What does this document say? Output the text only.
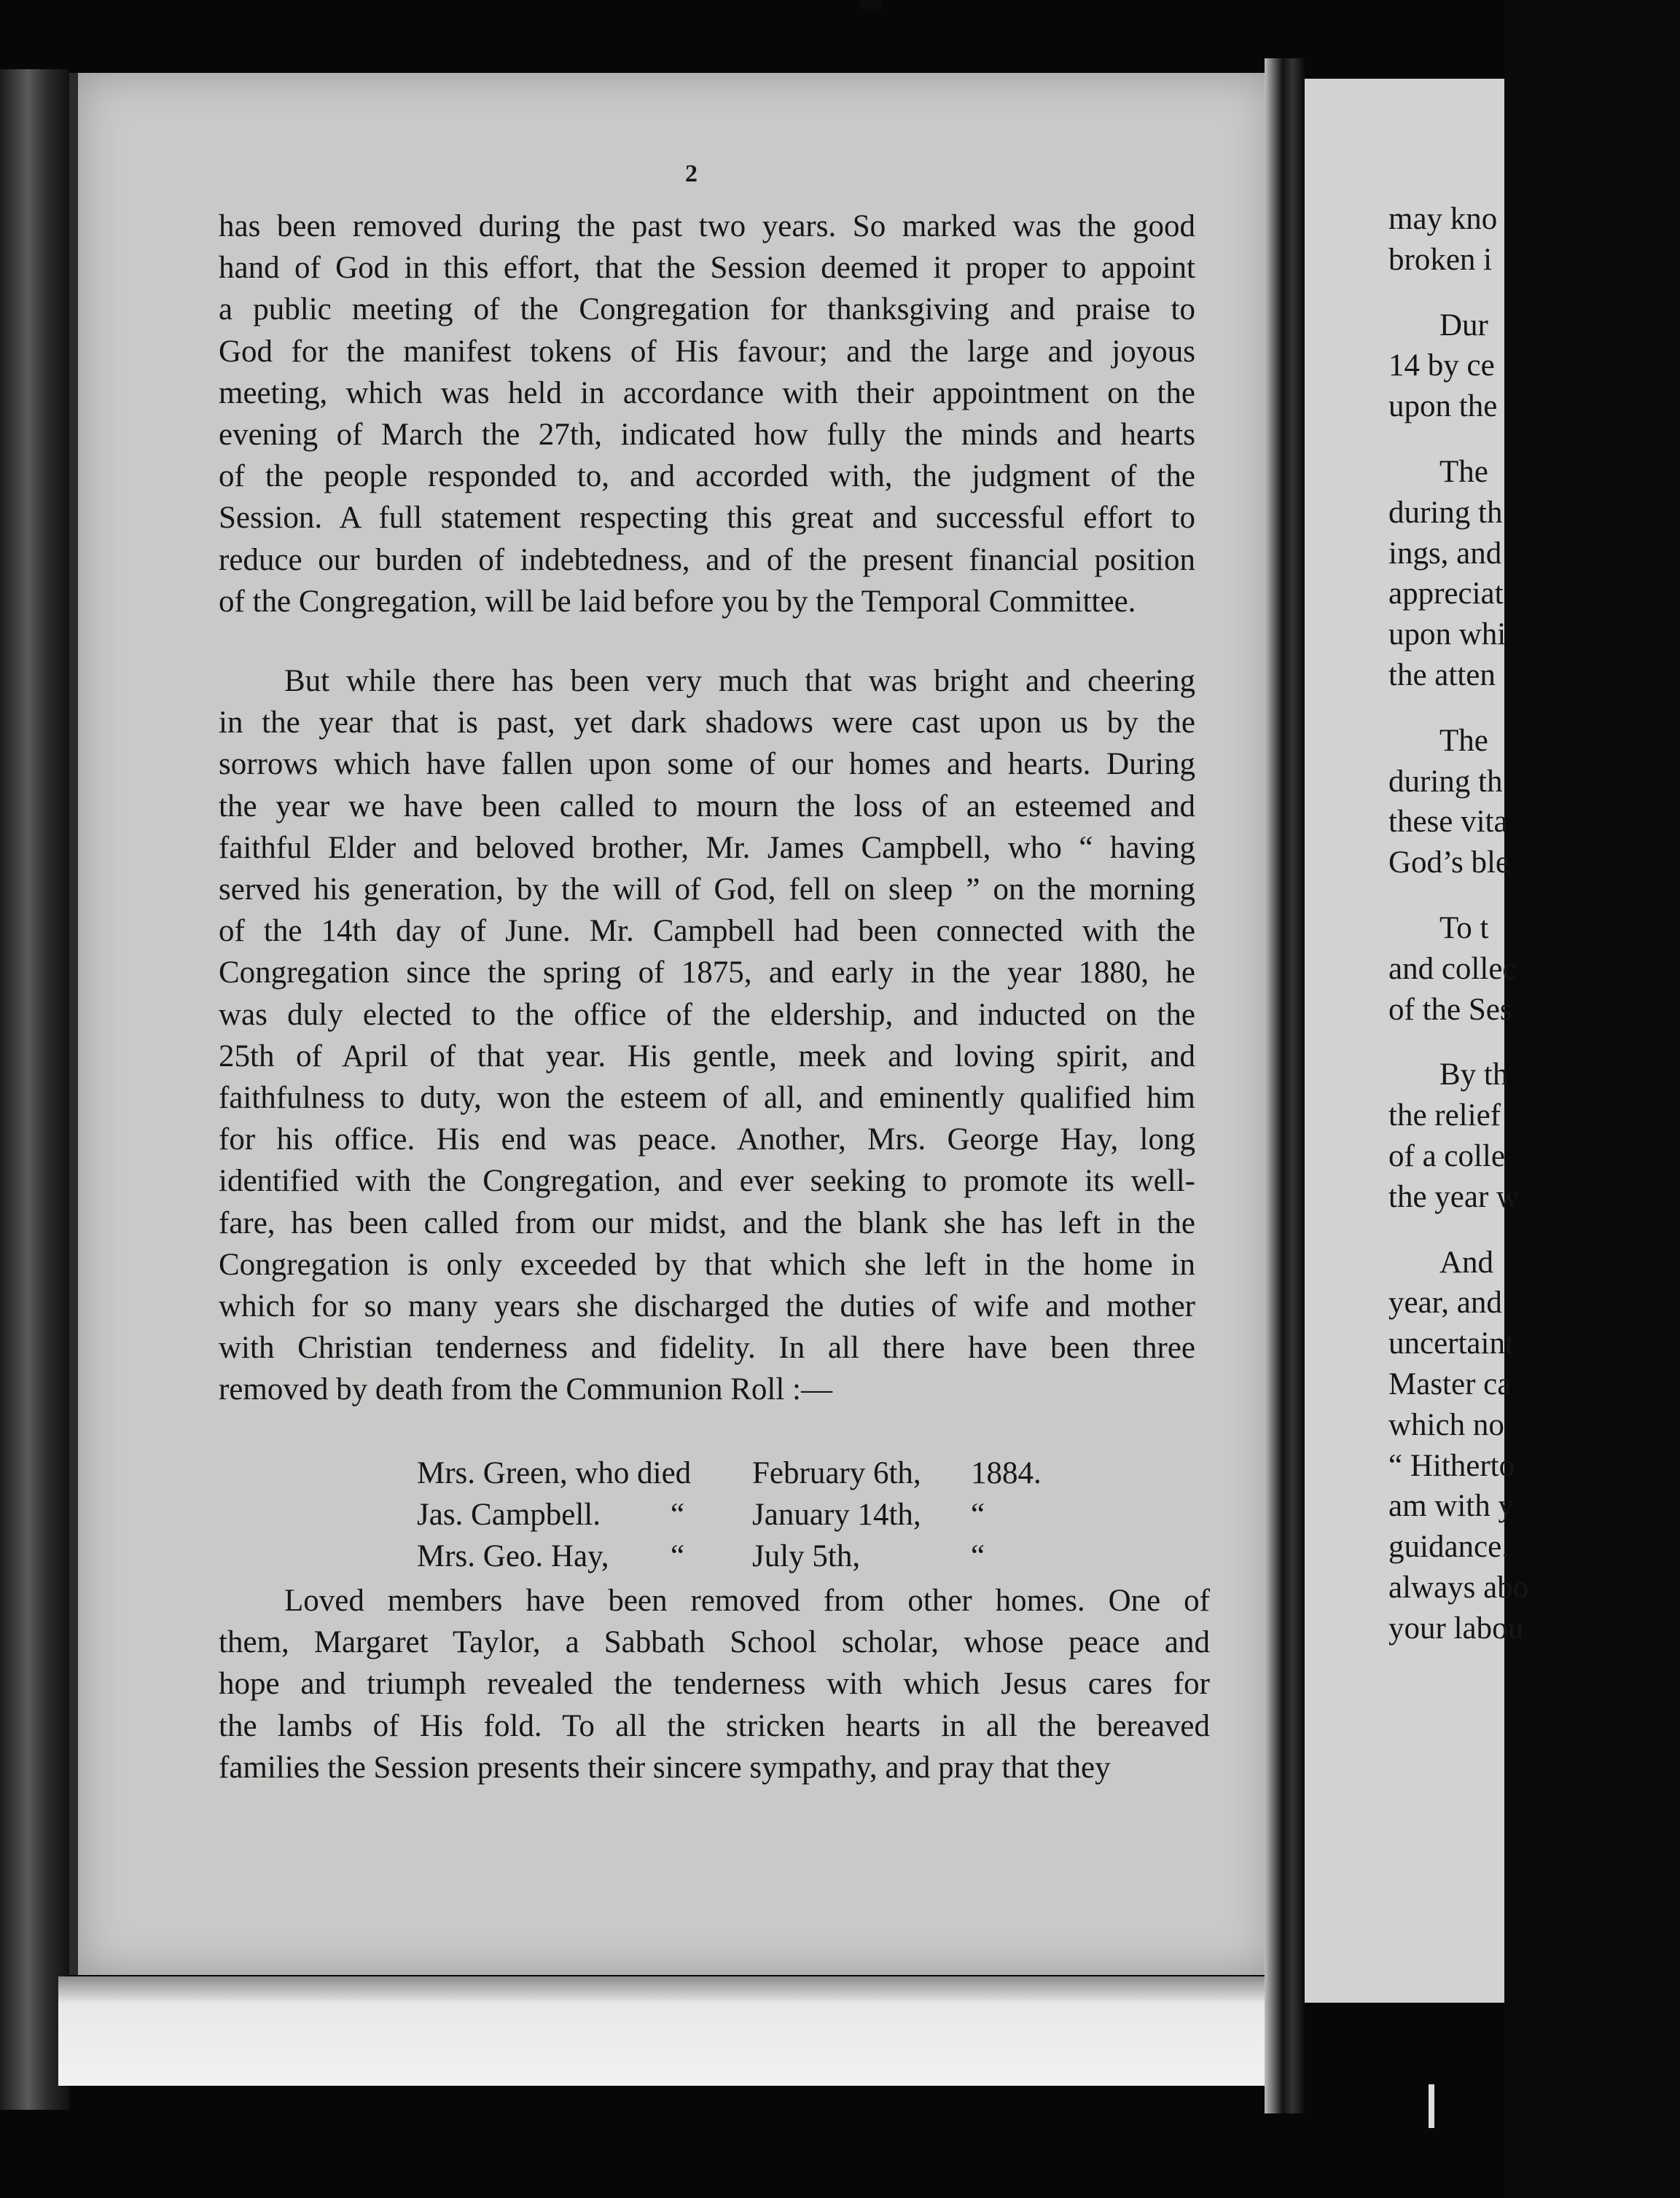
may kno
broken i
Dur
14 by ce
upon the
The
during th
ings, and
appreciat
upon whi
the atten
The
during th
these vita
God’s ble
To t
and collec
of the Ses
By th
the relief
of a colle
the year w
And
year, and
uncertaint
Master ca
which no
“ Hitherto
am with y
guidance.
always abo
your labou
2
has been removed during the past two years. So marked was the good
hand of God in this effort, that the Session deemed it proper to appoint
a public meeting of the Congregation for thanksgiving and praise to
God for the manifest tokens of His favour; and the large and joyous
meeting, which was held in accordance with their appointment on the
evening of March the 27th, indicated how fully the minds and hearts
of the people responded to, and accorded with, the judgment of the
Session. A full statement respecting this great and successful effort to
reduce our burden of indebtedness, and of the present financial position
of the Congregation, will be laid before you by the Temporal Committee.
But while there has been very much that was bright and cheering
in the year that is past, yet dark shadows were cast upon us by the
sorrows which have fallen upon some of our homes and hearts. During
the year we have been called to mourn the loss of an esteemed and
faithful Elder and beloved brother, Mr. James Campbell, who “ having
served his generation, by the will of God, fell on sleep ” on the morning
of the 14th day of June. Mr. Campbell had been connected with the
Congregation since the spring of 1875, and early in the year 1880, he
was duly elected to the office of the eldership, and inducted on the
25th of April of that year. His gentle, meek and loving spirit, and
faithfulness to duty, won the esteem of all, and eminently qualified him
for his office. His end was peace. Another, Mrs. George Hay, long
identified with the Congregation, and ever seeking to promote its well-
fare, has been called from our midst, and the blank she has left in the
Congregation is only exceeded by that which she left in the home in
which for so many years she discharged the duties of wife and mother
with Christian tenderness and fidelity. In all there have been three
removed by death from the Communion Roll :—
Mrs. Green, who died February 6th, 1884.
Jas. Campbell. “ January 14th, “
Mrs. Geo. Hay, “ July 5th,	“
Loved members have been removed from other homes. One of
them, Margaret Taylor, a Sabbath School scholar, whose peace and
hope and triumph revealed the tenderness with which Jesus cares for
the lambs of His fold. To all the stricken hearts in all the bereaved
families the Session presents their sincere sympathy, and pray that they
